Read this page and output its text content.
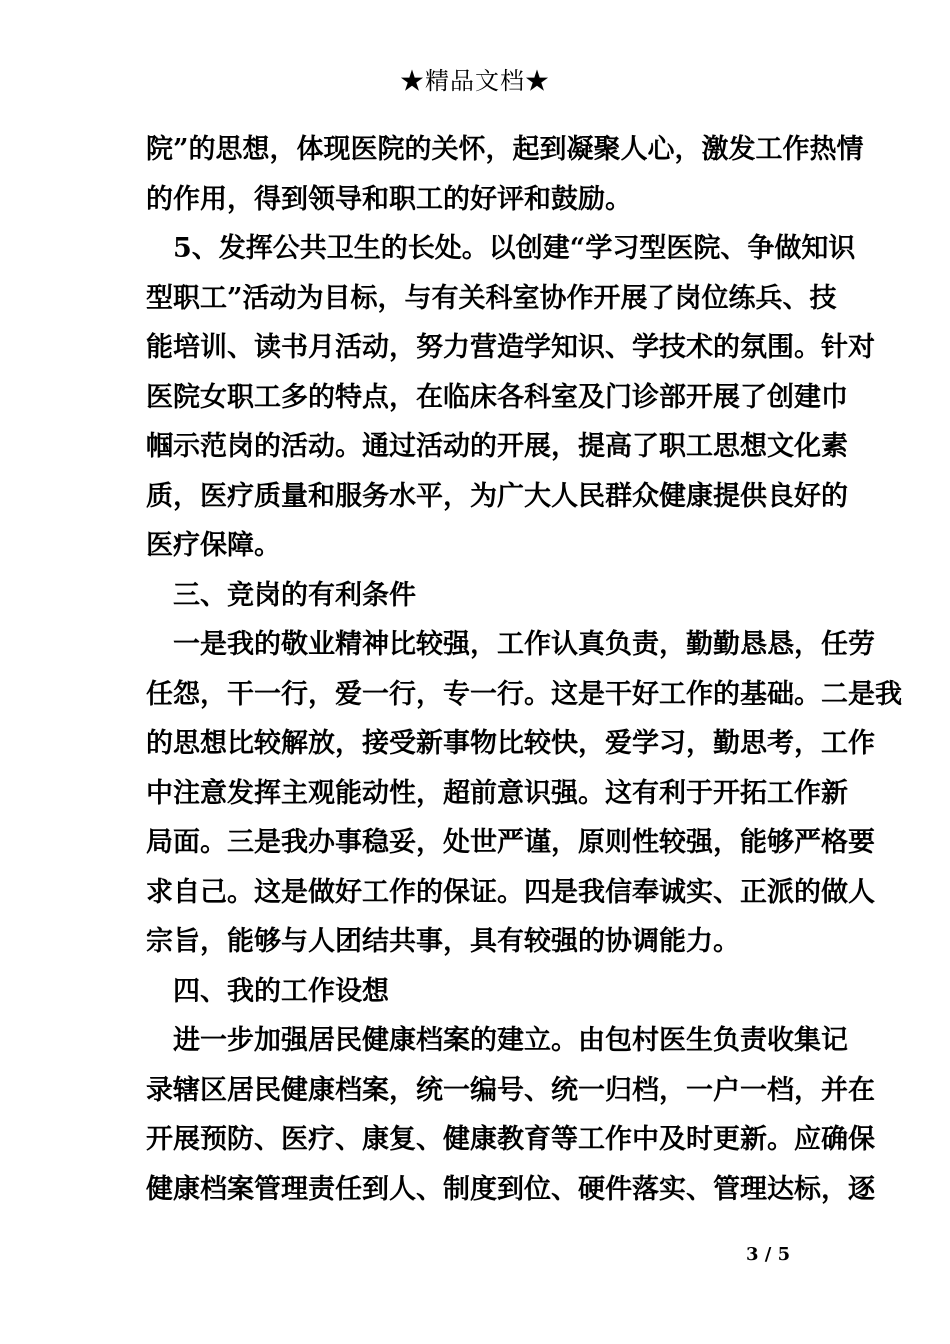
★精品文档★
院”的思想，体现医院的关怀，起到凝聚人心，激发工作热情
的作用，得到领导和职工的好评和鼓励。
5、发挥公共卫生的长处。以创建“学习型医院、争做知识
型职工”活动为目标，与有关科室协作开展了岗位练兵、技
能培训、读书月活动，努力营造学知识、学技术的氛围。针对
医院女职工多的特点，在临床各科室及门诊部开展了创建巾
帼示范岗的活动。通过活动的开展，提高了职工思想文化素
质，医疗质量和服务水平，为广大人民群众健康提供良好的
医疗保障。
三、竞岗的有利条件
一是我的敬业精神比较强，工作认真负责，勤勤恳恳，任劳
任怨，干一行，爱一行，专一行。这是干好工作的基础。二是我
的思想比较解放，接受新事物比较快，爱学习，勤思考，工作
中注意发挥主观能动性，超前意识强。这有利于开拓工作新
局面。三是我办事稳妥，处世严谨，原则性较强，能够严格要
求自己。这是做好工作的保证。四是我信奉诚实、正派的做人
宗旨，能够与人团结共事，具有较强的协调能力。
四、我的工作设想
进一步加强居民健康档案的建立。由包村医生负责收集记
录辖区居民健康档案，统一编号、统一归档，一户一档，并在
开展预防、医疗、康复、健康教育等工作中及时更新。应确保
健康档案管理责任到人、制度到位、硬件落实、管理达标，逐
3 / 5
